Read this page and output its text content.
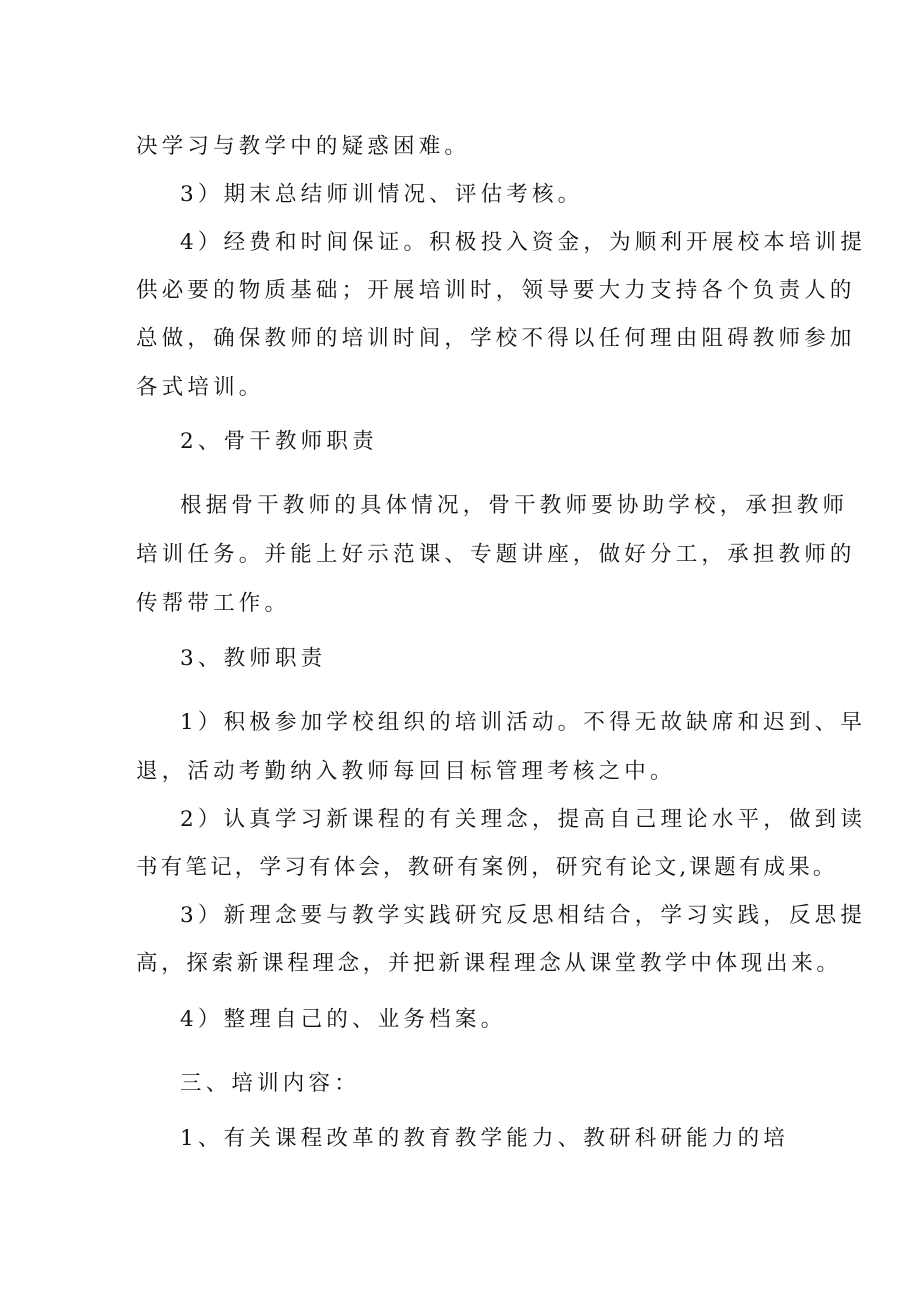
决学习与教学中的疑惑困难。
3）期末总结师训情况、评估考核。
4）经费和时间保证。积极投入资金，为顺利开展校本培训提
供必要的物质基础；开展培训时，领导要大力支持各个负责人的
总做，确保教师的培训时间，学校不得以任何理由阻碍教师参加
各式培训。
2、骨干教师职责
根据骨干教师的具体情况，骨干教师要协助学校，承担教师
培训任务。并能上好示范课、专题讲座，做好分工，承担教师的
传帮带工作。
3、教师职责
1）积极参加学校组织的培训活动。不得无故缺席和迟到、早
退，活动考勤纳入教师每回目标管理考核之中。
2）认真学习新课程的有关理念，提高自己理论水平，做到读
书有笔记，学习有体会，教研有案例，研究有论文,课题有成果。
3）新理念要与教学实践研究反思相结合，学习实践，反思提
高，探索新课程理念，并把新课程理念从课堂教学中体现出来。
4）整理自己的、业务档案。
三、培训内容：
1、有关课程改革的教育教学能力、教研科研能力的培
